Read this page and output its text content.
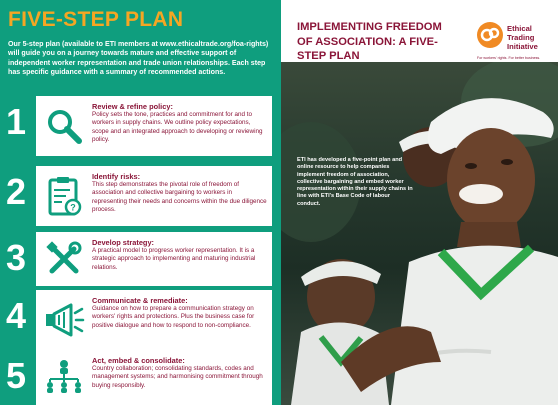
FIVE-STEP PLAN
Our 5-step plan (available to ETI members at www.ethicaltrade.org/foa-rights) will guide you on a journey towards mature and effective support of independent worker representation and trade union relationships. Each step has specific guidance with a summary of recommended actions.
1	Review & refine policy:
Policy sets the tone, practices and commitment for and to workers in supply chains. We outline policy expectations, scope and an integrated approach to developing or reviewing policy.
2	?
Identify risks:
This step demonstrates the pivotal role of freedom of association and collective bargaining to workers in representing their needs and concerns within the due diligence process.
3	Develop strategy:
A practical model to progress worker representation. It is a strategic approach to implementing and maturing industrial relations.
4	Communicate & remediate:
Guidance on how to prepare a communication strategy on workers' rights and protections. Plus the business case for positive dialogue and how to respond to non-compliance.
5	Act, embed & consolidate:
Country collaboration; consolidating standards, codes and management systems; and harmonising commitment through buying responsibly.
IMPLEMENTING FREEDOM OF ASSOCIATION: A FIVE-STEP PLAN
Ethical Trading Initiative
For workers' rights. For better business.
ETI has developed a five-point plan and online resource to help companies implement freedom of association, collective bargaining and embed worker representation within their supply chains in line with ETI's Base Code of labour conduct.
